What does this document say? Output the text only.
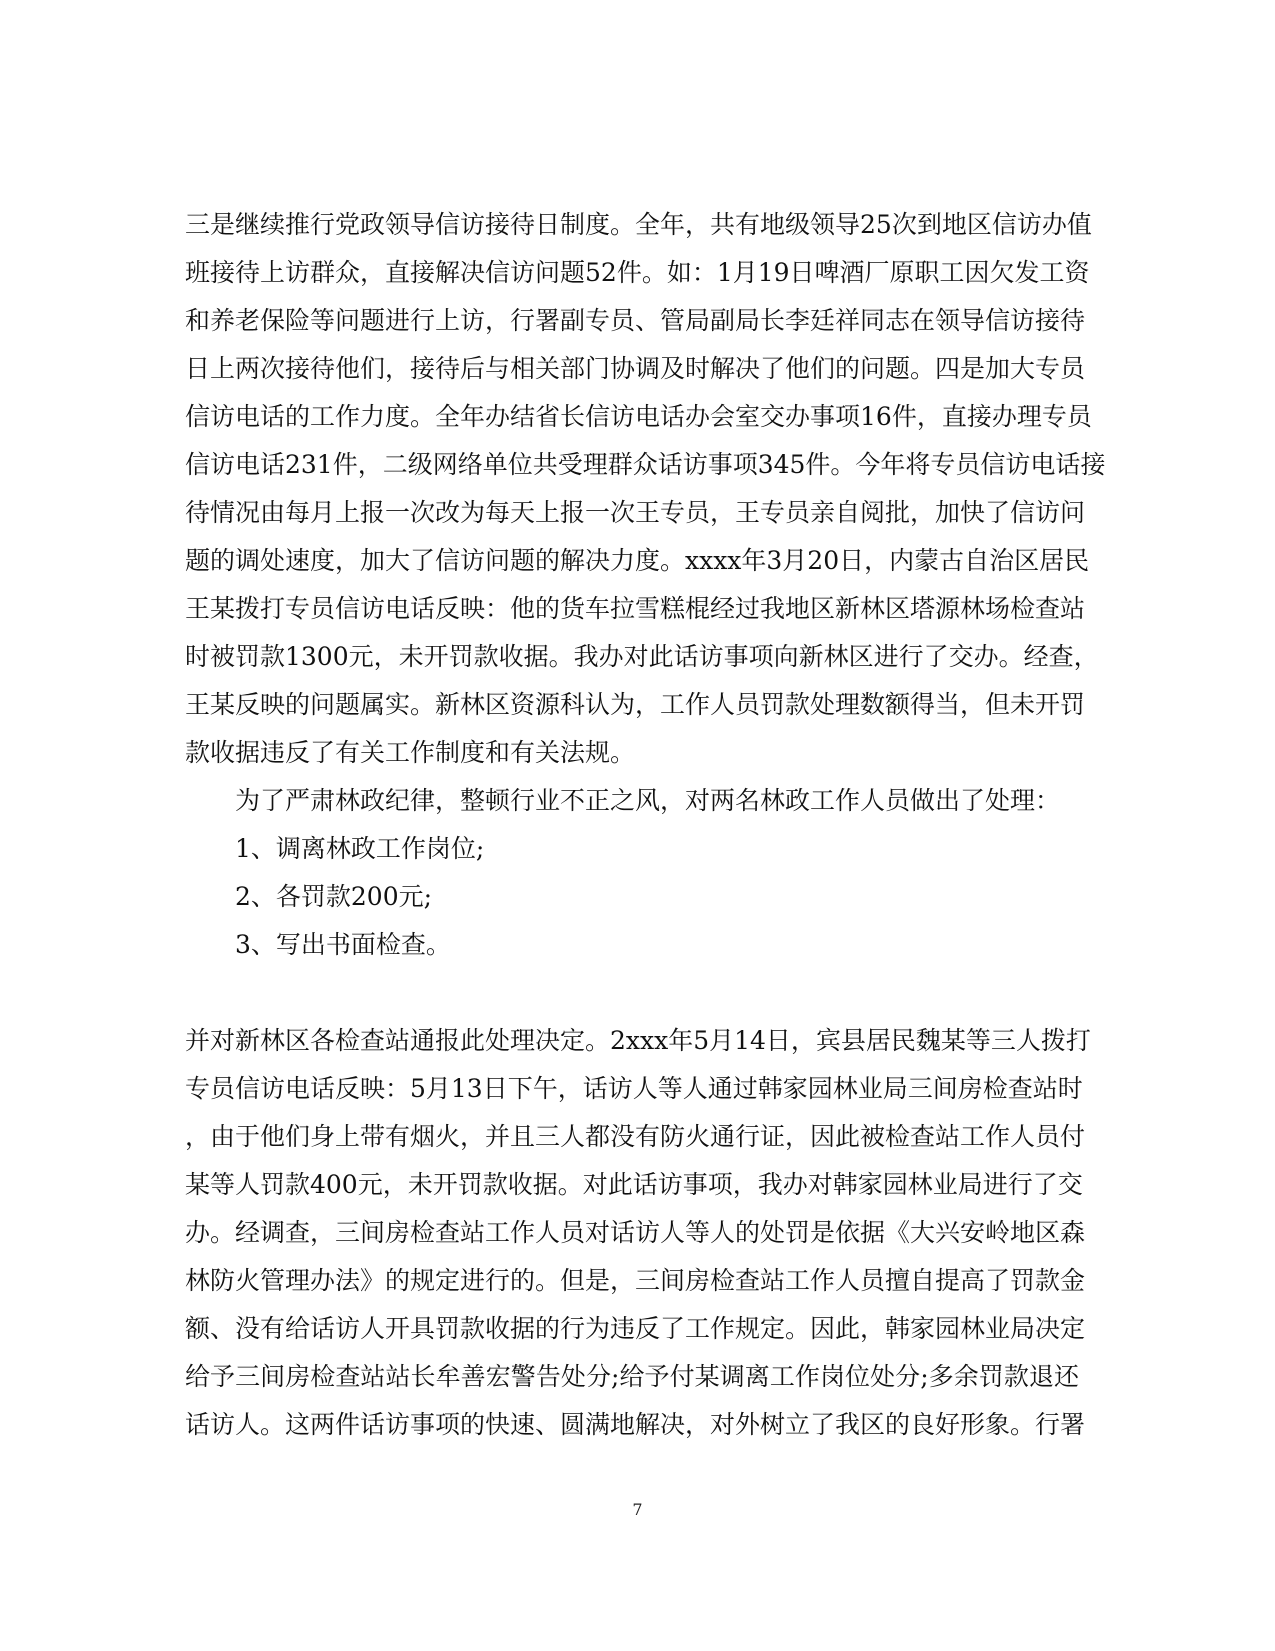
三是继续推行党政领导信访接待日制度。全年，共有地级领导25次到地区信访办值
班接待上访群众，直接解决信访问题52件。如：1月19日啤酒厂原职工因欠发工资
和养老保险等问题进行上访，行署副专员、管局副局长李廷祥同志在领导信访接待
日上两次接待他们，接待后与相关部门协调及时解决了他们的问题。四是加大专员
信访电话的工作力度。全年办结省长信访电话办会室交办事项16件，直接办理专员
信访电话231件，二级网络单位共受理群众话访事项345件。今年将专员信访电话接
待情况由每月上报一次改为每天上报一次王专员，王专员亲自阅批，加快了信访问
题的调处速度，加大了信访问题的解决力度。xxxx年3月20日，内蒙古自治区居民
王某拨打专员信访电话反映：他的货车拉雪糕棍经过我地区新林区塔源林场检查站
时被罚款1300元，未开罚款收据。我办对此话访事项向新林区进行了交办。经查，
王某反映的问题属实。新林区资源科认为，工作人员罚款处理数额得当，但未开罚
款收据违反了有关工作制度和有关法规。
为了严肃林政纪律，整顿行业不正之风，对两名林政工作人员做出了处理：
1、调离林政工作岗位;
2、各罚款200元;
3、写出书面检查。
并对新林区各检查站通报此处理决定。2xxx年5月14日，宾县居民魏某等三人拨打
专员信访电话反映：5月13日下午，话访人等人通过韩家园林业局三间房检查站时
，由于他们身上带有烟火，并且三人都没有防火通行证，因此被检查站工作人员付
某等人罚款400元，未开罚款收据。对此话访事项，我办对韩家园林业局进行了交
办。经调查，三间房检查站工作人员对话访人等人的处罚是依据《大兴安岭地区森
林防火管理办法》的规定进行的。但是，三间房检查站工作人员擅自提高了罚款金
额、没有给话访人开具罚款收据的行为违反了工作规定。因此，韩家园林业局决定
给予三间房检查站站长牟善宏警告处分;给予付某调离工作岗位处分;多余罚款退还
话访人。这两件话访事项的快速、圆满地解决，对外树立了我区的良好形象。行署
7
